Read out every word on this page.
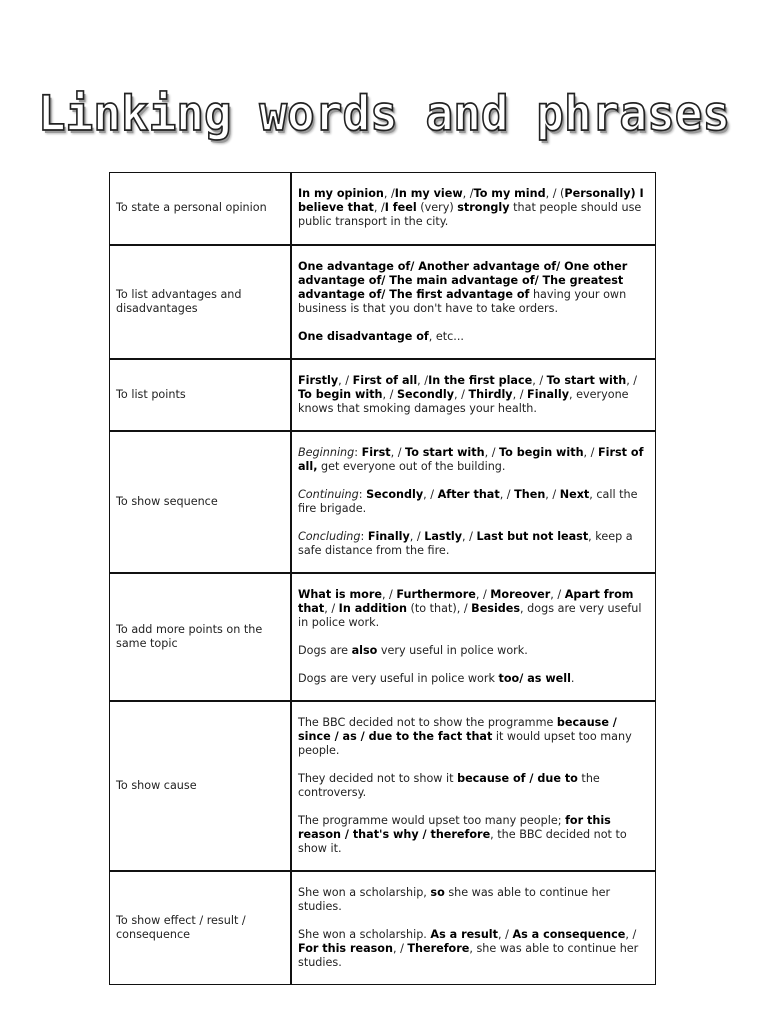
Linking words and phrases
To state a personal opinion	In my opinion, /In my view, /To my mind, / (Personally) I believe that, /I feel (very) strongly that people should use public transport in the city.

To list advantages and disadvantages	One advantage of/ Another advantage of/ One other advantage of/ The main advantage of/ The greatest advantage of/ The first advantage of having your own business is that you don't have to take orders.

One disadvantage of, etc...

To list points	Firstly, / First of all, /In the first place, / To start with, / To begin with, / Secondly, / Thirdly, / Finally, everyone knows that smoking damages your health.

To show sequence	Beginning: First, / To start with, / To begin with, / First of all, get everyone out of the building.

Continuing: Secondly, / After that, / Then, / Next, call the fire brigade.

Concluding: Finally, / Lastly, / Last but not least, keep a safe distance from the fire.

To add more points on the same topic	What is more, / Furthermore, / Moreover, / Apart from that, / In addition (to that), / Besides, dogs are very useful in police work.

Dogs are also very useful in police work.

Dogs are very useful in police work too/ as well.

To show cause	The BBC decided not to show the programme because / since / as / due to the fact that it would upset too many people.

They decided not to show it because of / due to the controversy.

The programme would upset too many people; for this reason / that's why / therefore, the BBC decided not to show it.

To show effect / result / consequence	She won a scholarship, so she was able to continue her studies.

She won a scholarship. As a result, / As a consequence, / For this reason, / Therefore, she was able to continue her studies.
